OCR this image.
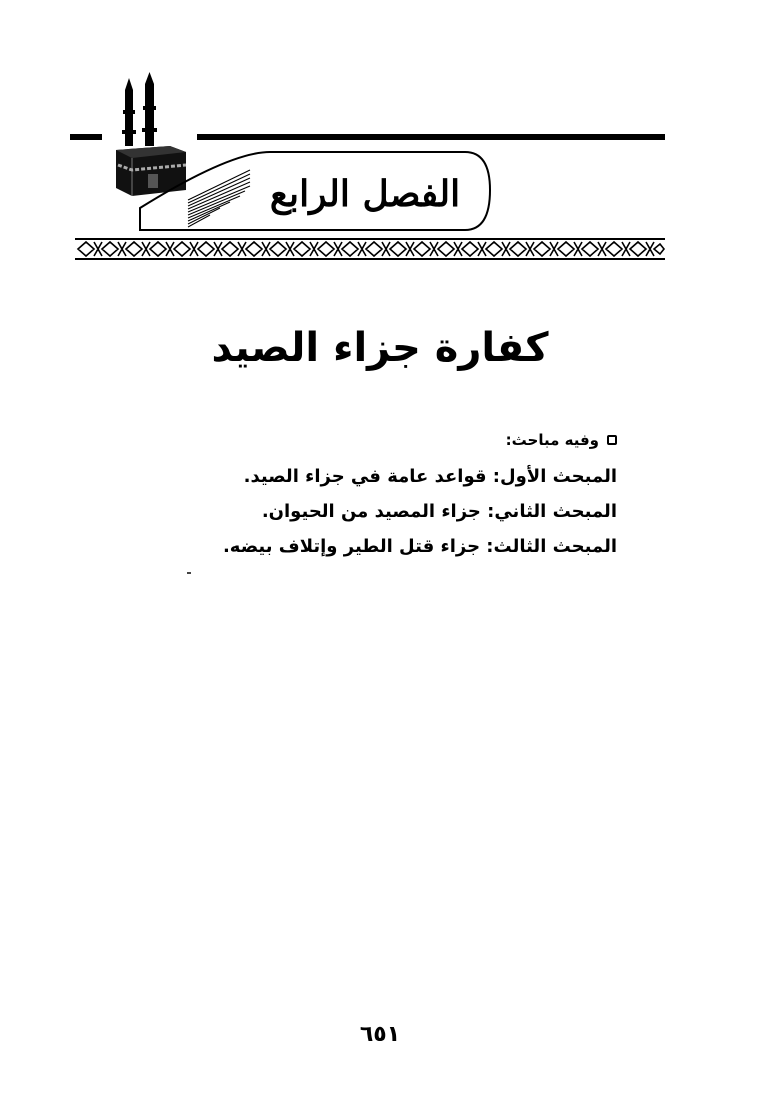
الفصل الرابع
كفارة جزاء الصيد
وفيه مباحث:
المبحث الأول: قواعد عامة في جزاء الصيد.
المبحث الثاني: جزاء المصيد من الحيوان.
المبحث الثالث: جزاء قتل الطير وإتلاف بيضه.
٦٥١
